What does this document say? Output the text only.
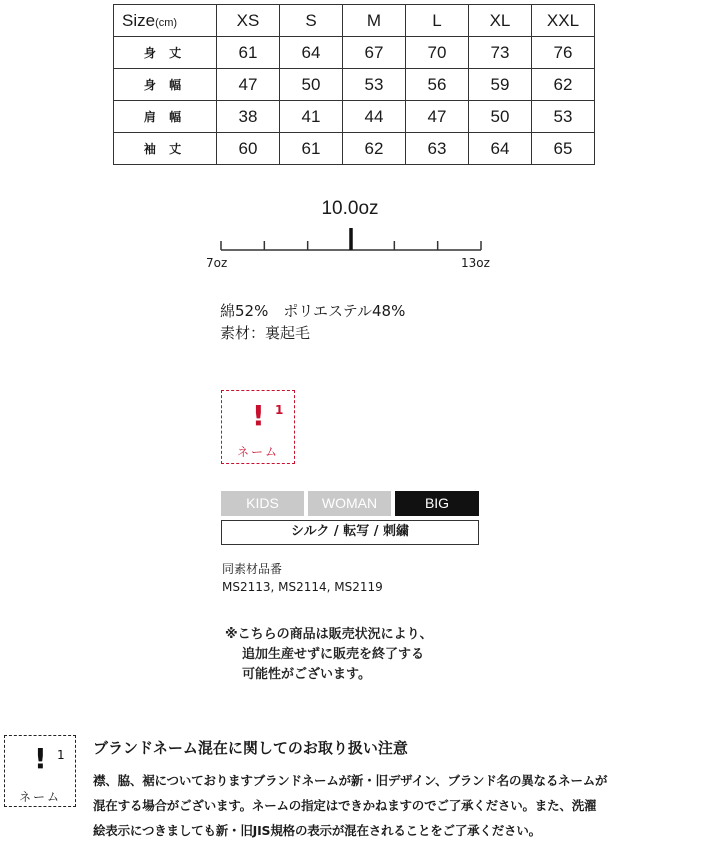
Size(cm)	XS	S	M	L	XL	XXL
身 丈	61	64	67	70	73	76
身 幅	47	50	53	56	59	62
肩 幅	38	41	44	47	50	53
袖 丈	60	61	62	63	64	65
10.0oz
7oz	13oz
綿52%　ポリエステル48%
素材：裏起毛
! 1
ネーム
KIDS	WOMAN	BIG
シルク / 転写 / 刺繍
同素材品番
MS2113, MS2114, MS2119
※こちらの商品は販売状況により、
追加生産せずに販売を終了する
可能性がございます。
! 1
ネーム
ブランドネーム混在に関してのお取り扱い注意
襟、脇、裾についておりますブランドネームが新・旧デザイン、ブランド名の異なるネームが
混在する場合がございます。ネームの指定はできかねますのでご了承ください。また、洗濯
絵表示につきましても新・旧JIS規格の表示が混在されることをご了承ください。
